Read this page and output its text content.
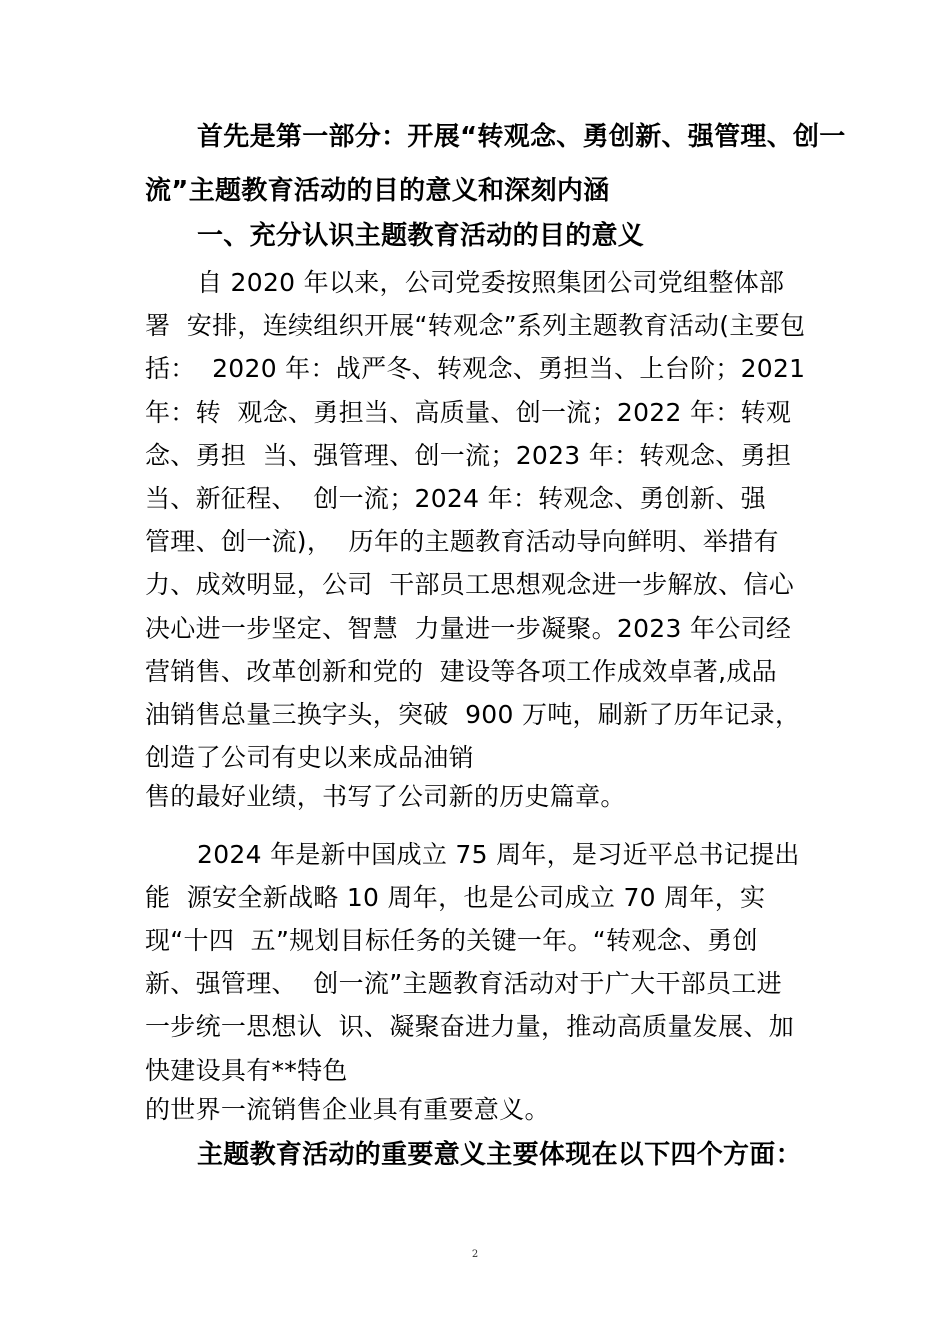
首先是第一部分：开展“转观念、勇创新、强管理、创一
流”主题教育活动的目的意义和深刻内涵
一、充分认识主题教育活动的目的意义
自 2020 年以来，公司党委按照集团公司党组整体部
署  安排，连续组织开展“转观念”系列主题教育活动(主要包
括：  2020 年：战严冬、转观念、勇担当、上台阶；2021
年：转  观念、勇担当、高质量、创一流；2022 年：转观
念、勇担  当、强管理、创一流；2023 年：转观念、勇担
当、新征程、  创一流；2024 年：转观念、勇创新、强
管理、创一流)，  历年的主题教育活动导向鲜明、举措有
力、成效明显，公司  干部员工思想观念进一步解放、信心
决心进一步坚定、智慧  力量进一步凝聚。2023 年公司经
营销售、改革创新和党的  建设等各项工作成效卓著,成品
油销售总量三换字头，突破  900 万吨，刷新了历年记录，
创造了公司有史以来成品油销
售的最好业绩，书写了公司新的历史篇章。
2024 年是新中国成立 75 周年，是习近平总书记提出
能  源安全新战略 10 周年，也是公司成立 70 周年，实
现“十四  五”规划目标任务的关键一年。“转观念、勇创
新、强管理、  创一流”主题教育活动对于广大干部员工进
一步统一思想认  识、凝聚奋进力量，推动高质量发展、加
快建设具有**特色
的世界一流销售企业具有重要意义。
主题教育活动的重要意义主要体现在以下四个方面：
2
